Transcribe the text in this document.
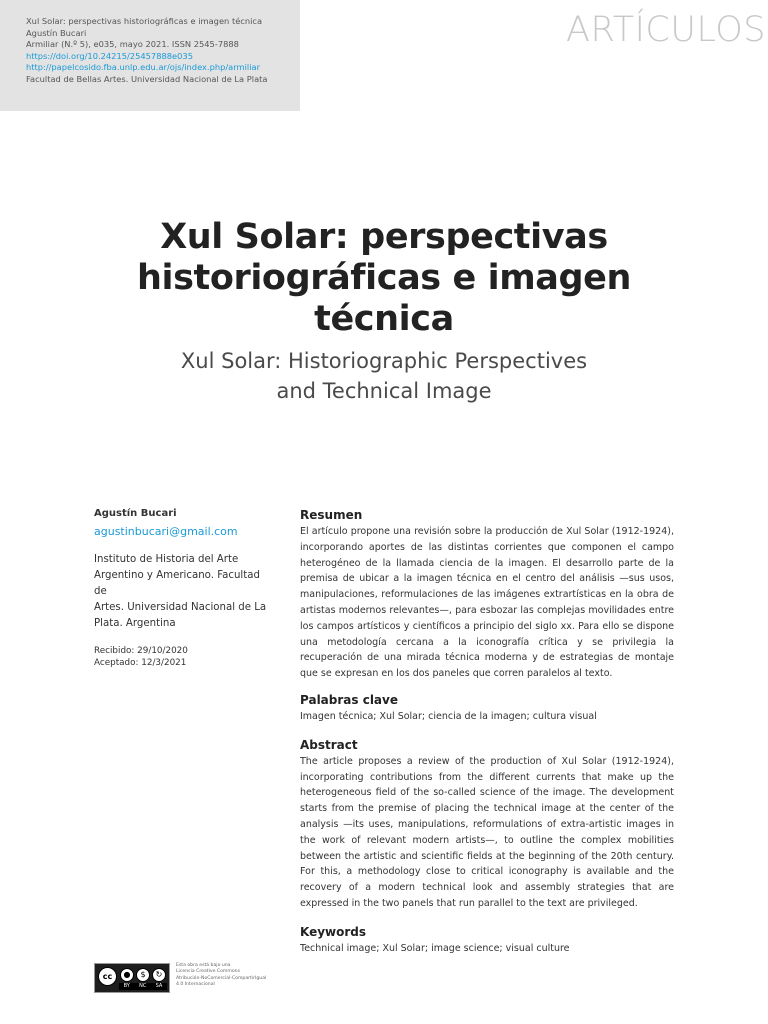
Xul Solar: perspectivas historiográficas e imagen técnica
Agustín Bucari
Armiliar (N.º 5), e035, mayo 2021. ISSN 2545-7888
https://doi.org/10.24215/25457888e035
http://papelcosido.fba.unlp.edu.ar/ojs/index.php/armiliar
Facultad de Bellas Artes. Universidad Nacional de La Plata
ARTÍCULOS
Xul Solar: perspectivas
historiográficas e imagen
técnica
Xul Solar: Historiographic Perspectives
and Technical Image

Agustín Bucari

agustinbucari@gmail.com

Instituto de Historia del Arte
Argentino y Americano. Facultad de
Artes. Universidad Nacional de La
Plata. Argentina

Recibido: 29/10/2020
Aceptado: 12/3/2021
Resumen

El artículo propone una revisión sobre la producción de Xul Solar (1912-1924), incorporando aportes de las distintas corrientes que componen el campo heterogéneo de la llamada ciencia de la imagen. El desarrollo parte de la premisa de ubicar a la imagen técnica en el centro del análisis —sus usos, manipulaciones, reformulaciones de las imágenes extrartísticas en la obra de artistas modernos relevantes—, para esbozar las complejas movilidades entre los campos artísticos y científicos a principio del siglo xx. Para ello se dispone una metodología cercana a la iconografía crítica y se privilegia la recuperación de una mirada técnica moderna y de estrategias de montaje que se expresan en los dos paneles que corren paralelos al texto.

Palabras clave

Imagen técnica; Xul Solar; ciencia de la imagen; cultura visual

Abstract

The article proposes a review of the production of Xul Solar (1912-1924), incorporating contributions from the different currents that make up the heterogeneous field of the so-called science of the image. The development starts from the premise of placing the technical image at the center of the analysis —its uses, manipulations, reformulations of extra-artistic images in the work of relevant modern artists—, to outline the complex mobilities between the artistic and scientific fields at the beginning of the 20th century. For this, a methodology close to critical iconography is available and the recovery of a modern technical look and assembly strategies that are expressed in the two panels that run parallel to the text are privileged.

Keywords

Technical image; Xul Solar; image science; visual culture

cc	●	$	↻
BY NC SA
Esta obra está bajo una
Licencia Creative Commons
Atribución-NoComercial-CompartirIgual
4.0 Internacional
